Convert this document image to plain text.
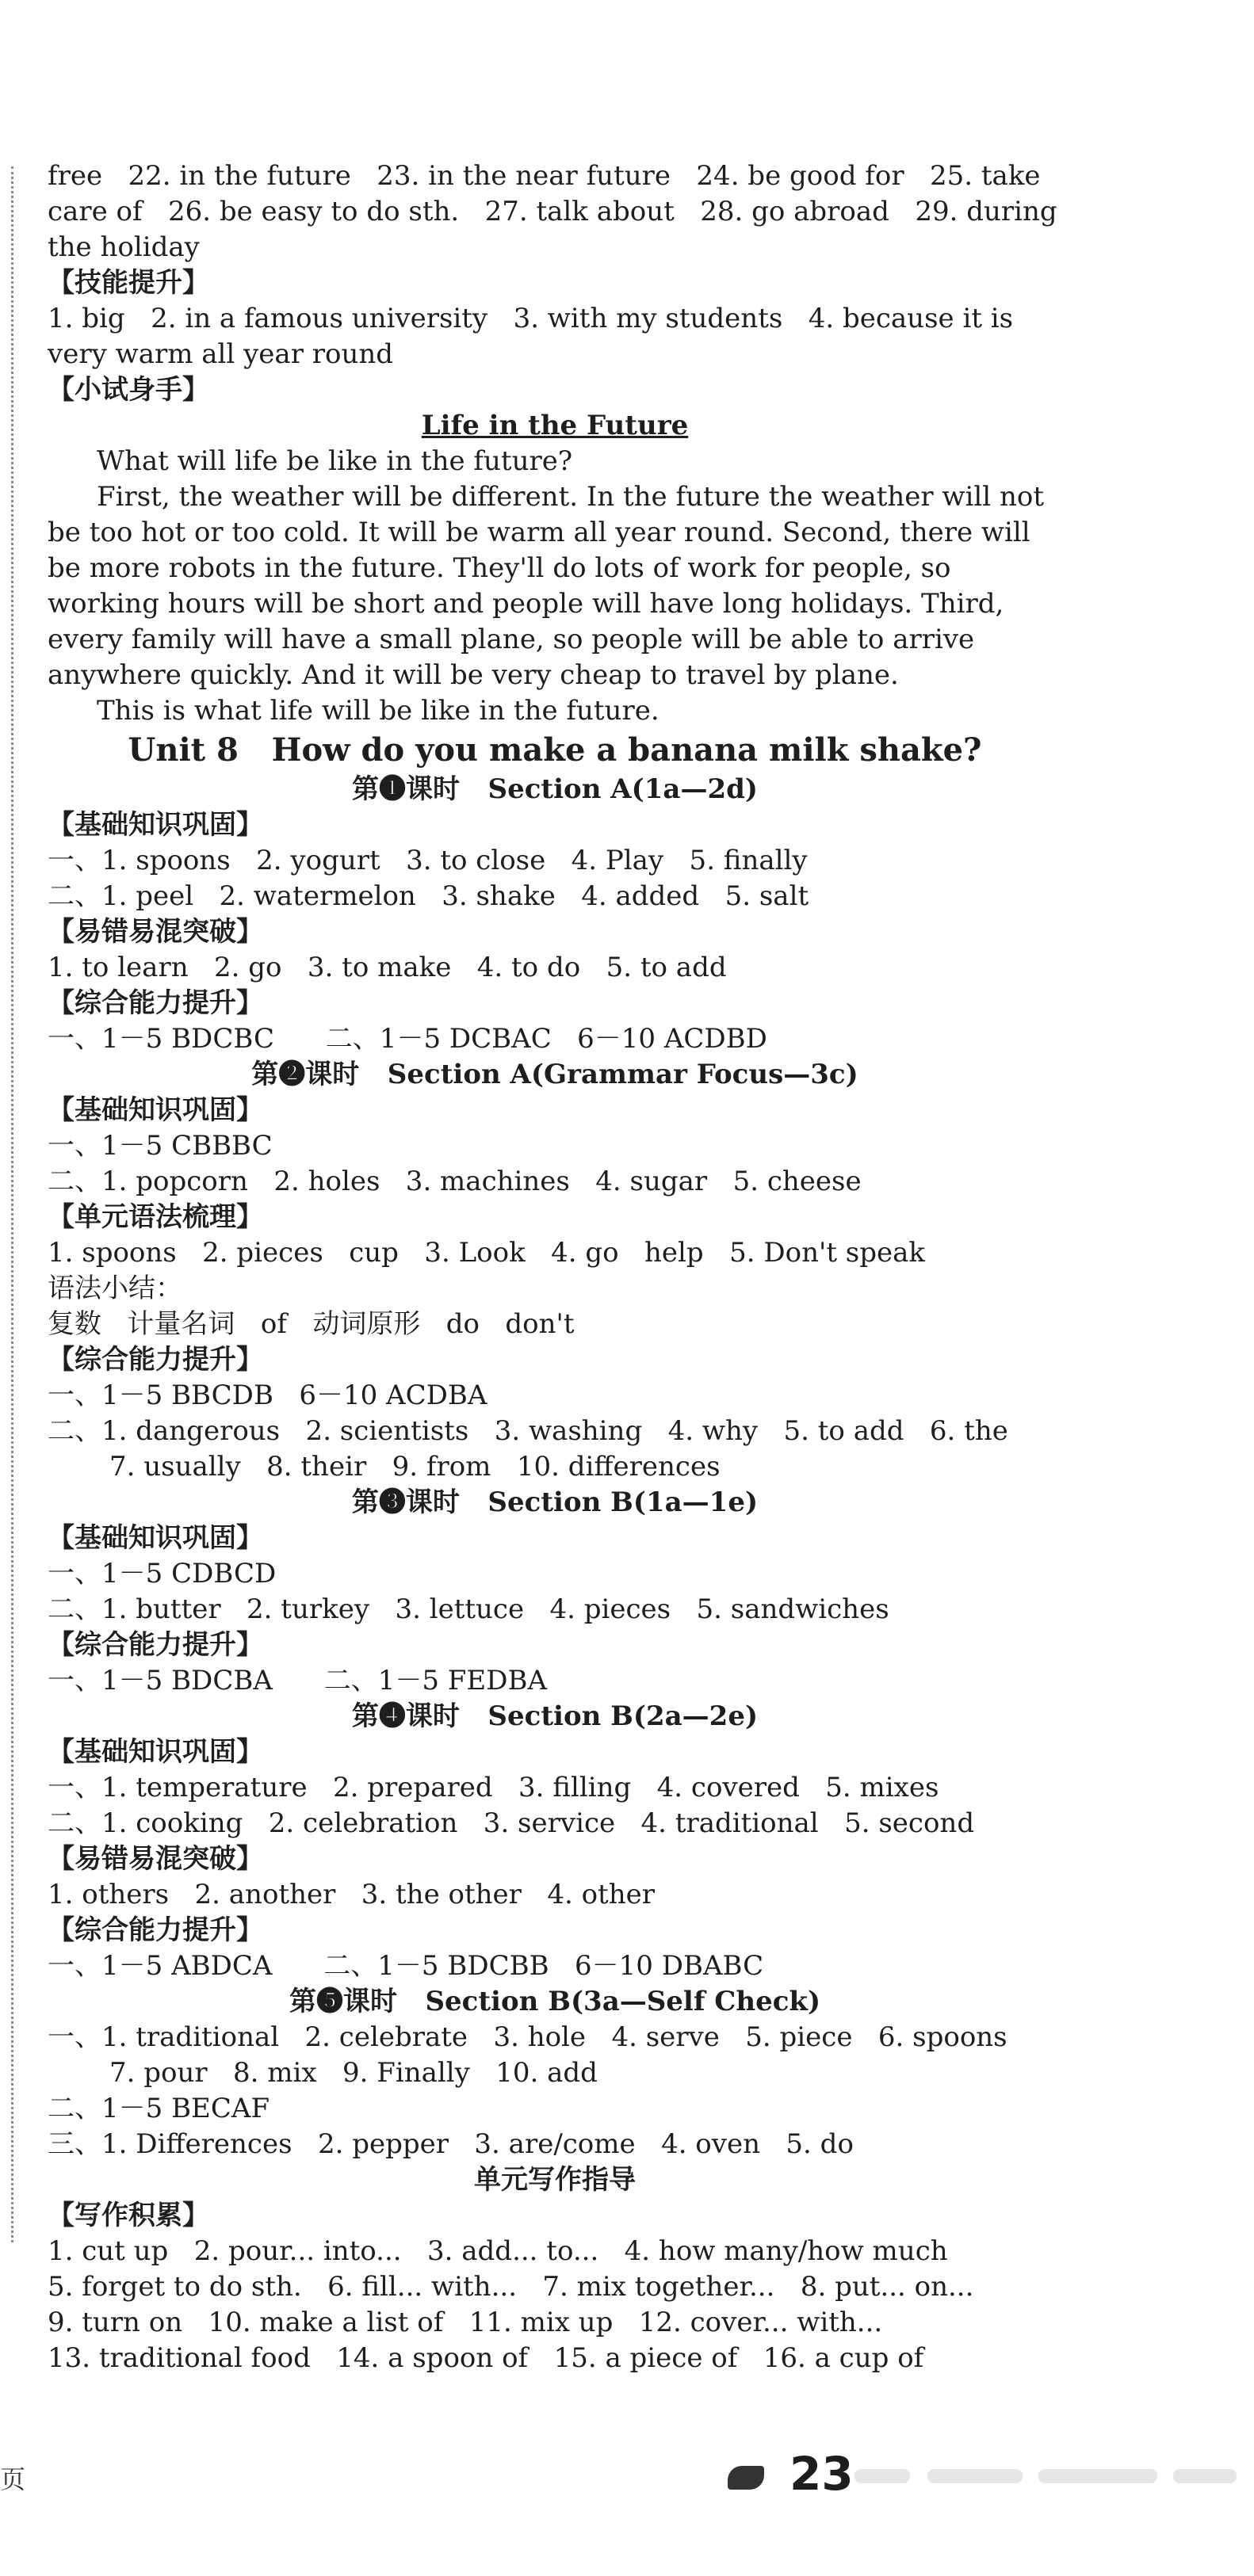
free   22. in the future   23. in the near future   24. be good for   25. take
care of   26. be easy to do sth.   27. talk about   28. go abroad   29. during
the holiday
【技能提升】
1. big   2. in a famous university   3. with my students   4. because it is
very warm all year round
【小试身手】
Life in the Future
What will life be like in the future?
First, the weather will be different. In the future the weather will not
be too hot or too cold. It will be warm all year round. Second, there will
be more robots in the future. They'll do lots of work for people, so
working hours will be short and people will have long holidays. Third,
every family will have a small plane, so people will be able to arrive
anywhere quickly. And it will be very cheap to travel by plane.
This is what life will be like in the future.
Unit 8   How do you make a banana milk shake?
第❶课时   Section A(1a—2d)
【基础知识巩固】
一、1. spoons   2. yogurt   3. to close   4. Play   5. finally
二、1. peel   2. watermelon   3. shake   4. added   5. salt
【易错易混突破】
1. to learn   2. go   3. to make   4. to do   5. to add
【综合能力提升】
一、1－5 BDCBC      二、1－5 DCBAC   6－10 ACDBD
第❷课时   Section A(Grammar Focus—3c)
【基础知识巩固】
一、1－5 CBBBC
二、1. popcorn   2. holes   3. machines   4. sugar   5. cheese
【单元语法梳理】
1. spoons   2. pieces   cup   3. Look   4. go   help   5. Don't speak
语法小结：
复数   计量名词   of   动词原形   do   don't
【综合能力提升】
一、1－5 BBCDB   6－10 ACDBA
二、1. dangerous   2. scientists   3. washing   4. why   5. to add   6. the
7. usually   8. their   9. from   10. differences
第❸课时   Section B(1a—1e)
【基础知识巩固】
一、1－5 CDBCD
二、1. butter   2. turkey   3. lettuce   4. pieces   5. sandwiches
【综合能力提升】
一、1－5 BDCBA      二、1－5 FEDBA
第❹课时   Section B(2a—2e)
【基础知识巩固】
一、1. temperature   2. prepared   3. filling   4. covered   5. mixes
二、1. cooking   2. celebration   3. service   4. traditional   5. second
【易错易混突破】
1. others   2. another   3. the other   4. other
【综合能力提升】
一、1－5 ABDCA      二、1－5 BDCBB   6－10 DBABC
第❺课时   Section B(3a—Self Check)
一、1. traditional   2. celebrate   3. hole   4. serve   5. piece   6. spoons
7. pour   8. mix   9. Finally   10. add
二、1－5 BECAF
三、1. Differences   2. pepper   3. are/come   4. oven   5. do
单元写作指导
【写作积累】
1. cut up   2. pour... into...   3. add... to...   4. how many/how much
5. forget to do sth.   6. fill... with...   7. mix together...   8. put... on...
9. turn on   10. make a list of   11. mix up   12. cover... with...
13. traditional food   14. a spoon of   15. a piece of   16. a cup of
页	23
